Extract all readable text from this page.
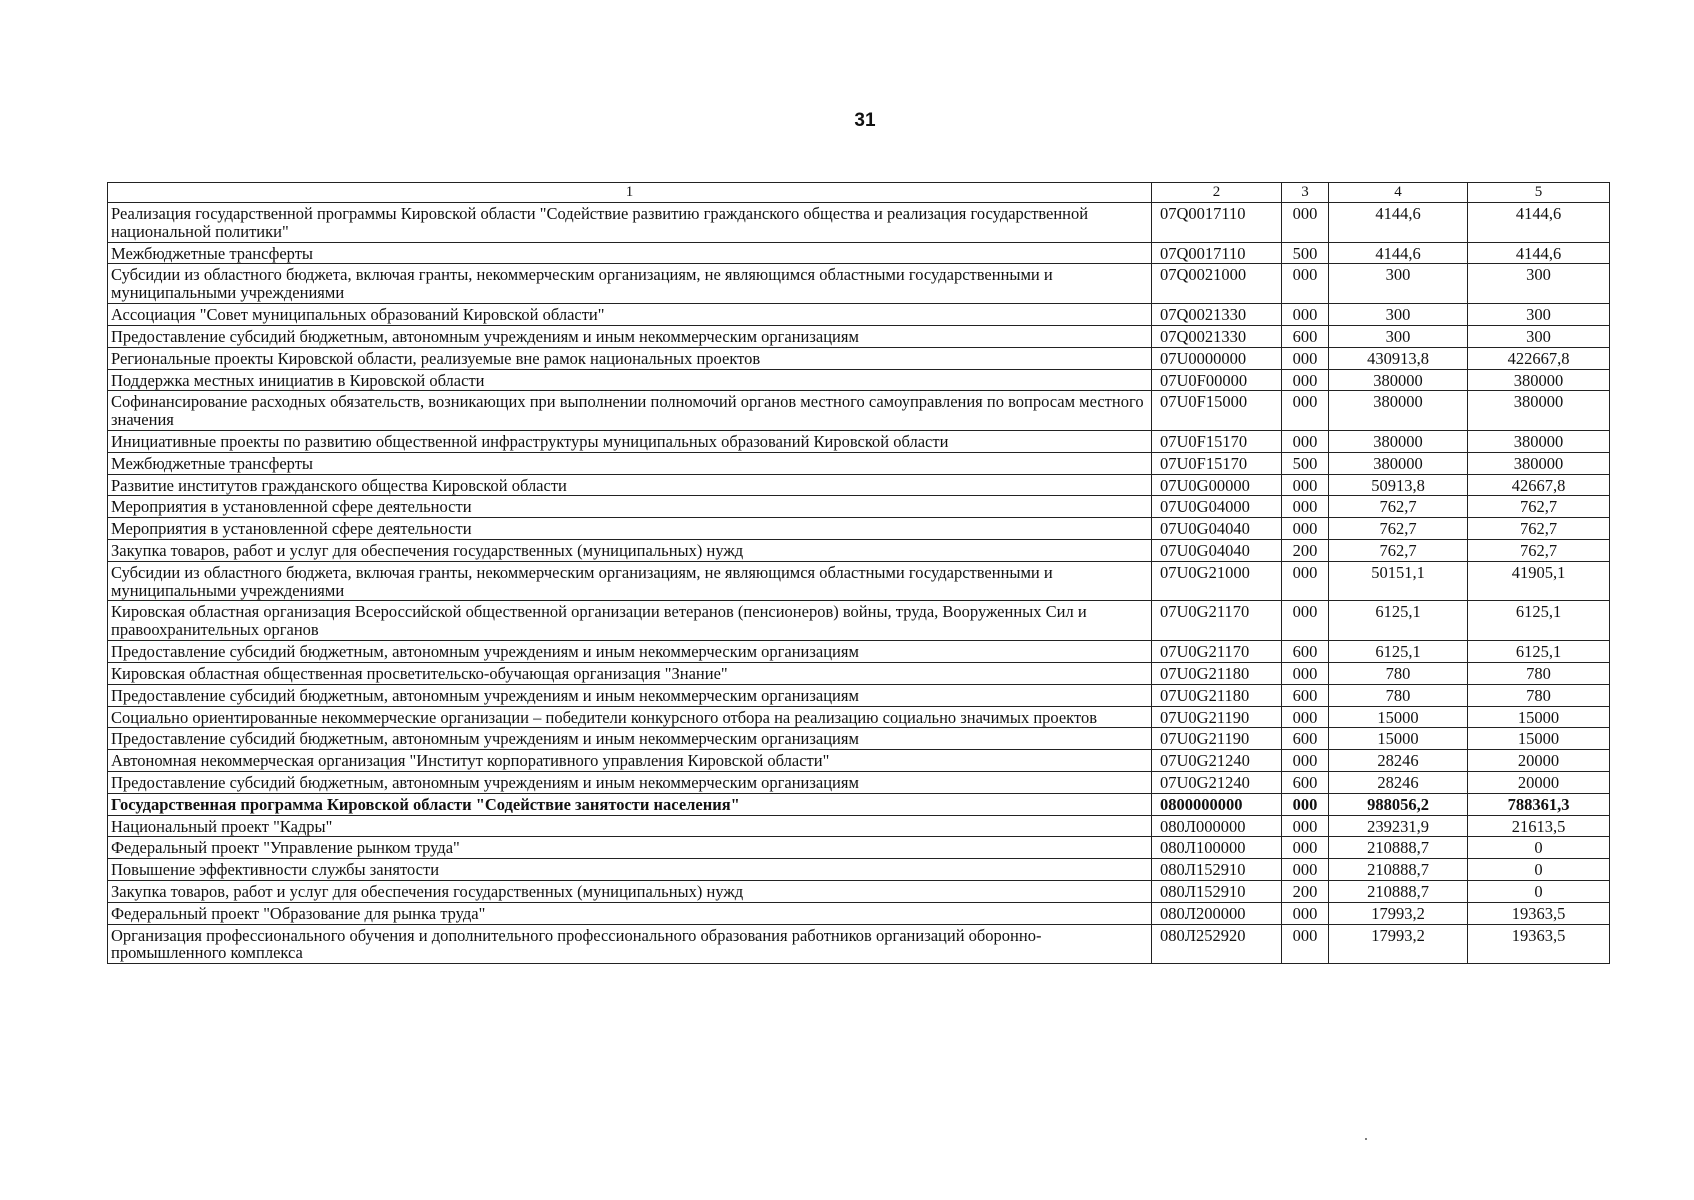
31
1	2	3	4	5
Реализация государственной программы Кировской области "Содействие развитию гражданского общества и реализация государственной национальной политики"	07Q0017110	000	4144,6	4144,6
Межбюджетные трансферты	07Q0017110	500	4144,6	4144,6
Субсидии из областного бюджета, включая гранты, некоммерческим организациям, не являющимся областными государственными и муниципальными учреждениями	07Q0021000	000	300	300
Ассоциация "Совет муниципальных образований Кировской области"	07Q0021330	000	300	300
Предоставление субсидий бюджетным, автономным учреждениям и иным некоммерческим организациям	07Q0021330	600	300	300
Региональные проекты Кировской области, реализуемые вне рамок национальных проектов	07U0000000	000	430913,8	422667,8
Поддержка местных инициатив в Кировской области	07U0F00000	000	380000	380000
Софинансирование расходных обязательств, возникающих при выполнении полномочий органов местного самоуправления по вопросам местного значения	07U0F15000	000	380000	380000
Инициативные проекты по развитию общественной инфраструктуры муниципальных образований Кировской области	07U0F15170	000	380000	380000
Межбюджетные трансферты	07U0F15170	500	380000	380000
Развитие институтов гражданского общества Кировской области	07U0G00000	000	50913,8	42667,8
Мероприятия в установленной сфере деятельности	07U0G04000	000	762,7	762,7
Мероприятия в установленной сфере деятельности	07U0G04040	000	762,7	762,7
Закупка товаров, работ и услуг для обеспечения государственных (муниципальных) нужд	07U0G04040	200	762,7	762,7
Субсидии из областного бюджета, включая гранты, некоммерческим организациям, не являющимся областными государственными и муниципальными учреждениями	07U0G21000	000	50151,1	41905,1
Кировская областная организация Всероссийской общественной организации ветеранов (пенсионеров) войны, труда, Вооруженных Сил и правоохранительных органов	07U0G21170	000	6125,1	6125,1
Предоставление субсидий бюджетным, автономным учреждениям и иным некоммерческим организациям	07U0G21170	600	6125,1	6125,1
Кировская областная общественная просветительско-обучающая организация "Знание"	07U0G21180	000	780	780
Предоставление субсидий бюджетным, автономным учреждениям и иным некоммерческим организациям	07U0G21180	600	780	780
Социально ориентированные некоммерческие организации – победители конкурсного отбора на реализацию социально значимых проектов	07U0G21190	000	15000	15000
Предоставление субсидий бюджетным, автономным учреждениям и иным некоммерческим организациям	07U0G21190	600	15000	15000
Автономная некоммерческая организация "Институт корпоративного управления Кировской области"	07U0G21240	000	28246	20000
Предоставление субсидий бюджетным, автономным учреждениям и иным некоммерческим организациям	07U0G21240	600	28246	20000
Государственная программа Кировской области "Содействие занятости населения"	0800000000	000	988056,2	788361,3
Национальный проект "Кадры"	080Л000000	000	239231,9	21613,5
Федеральный проект "Управление рынком труда"	080Л100000	000	210888,7	0
Повышение эффективности службы занятости	080Л152910	000	210888,7	0
Закупка товаров, работ и услуг для обеспечения государственных (муниципальных) нужд	080Л152910	200	210888,7	0
Федеральный проект "Образование для рынка труда"	080Л200000	000	17993,2	19363,5
Организация профессионального обучения и дополнительного профессионального образования работников организаций оборонно-промышленного комплекса	080Л252920	000	17993,2	19363,5
